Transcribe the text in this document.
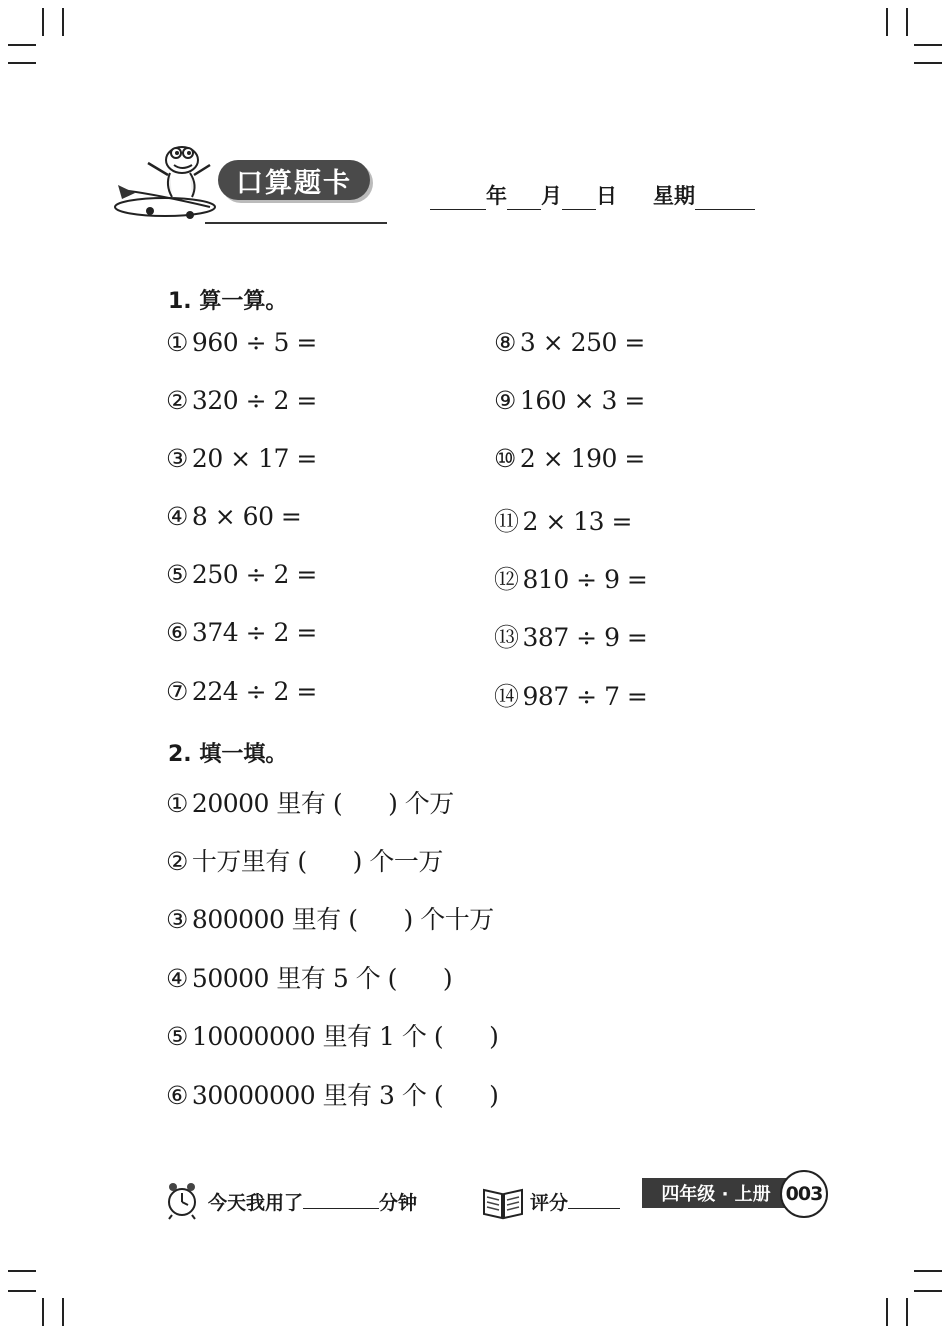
口算题卡	年 月 日 星期
1. 算一算。
① 960 ÷ 5 =
② 320 ÷ 2 =
③ 20 × 17 =
④ 8 × 60 =
⑤ 250 ÷ 2 =
⑥ 374 ÷ 2 =
⑦ 224 ÷ 2 =
⑧ 3 × 250 =
⑨ 160 × 3 =
⑩ 2 × 190 =
⑪ 2 × 13 =
⑫ 810 ÷ 9 =
⑬ 387 ÷ 9 =
⑭ 987 ÷ 7 =
2. 填一填。
① 20000 里有 ( ) 个万
② 十万里有 ( ) 个一万
③ 800000 里有 ( ) 个十万
④ 50000 里有 5 个 ( )
⑤ 10000000 里有 1 个 ( )
⑥ 30000000 里有 3 个 ( )
今天我用了	分钟	评分	四年级 · 上册 003
